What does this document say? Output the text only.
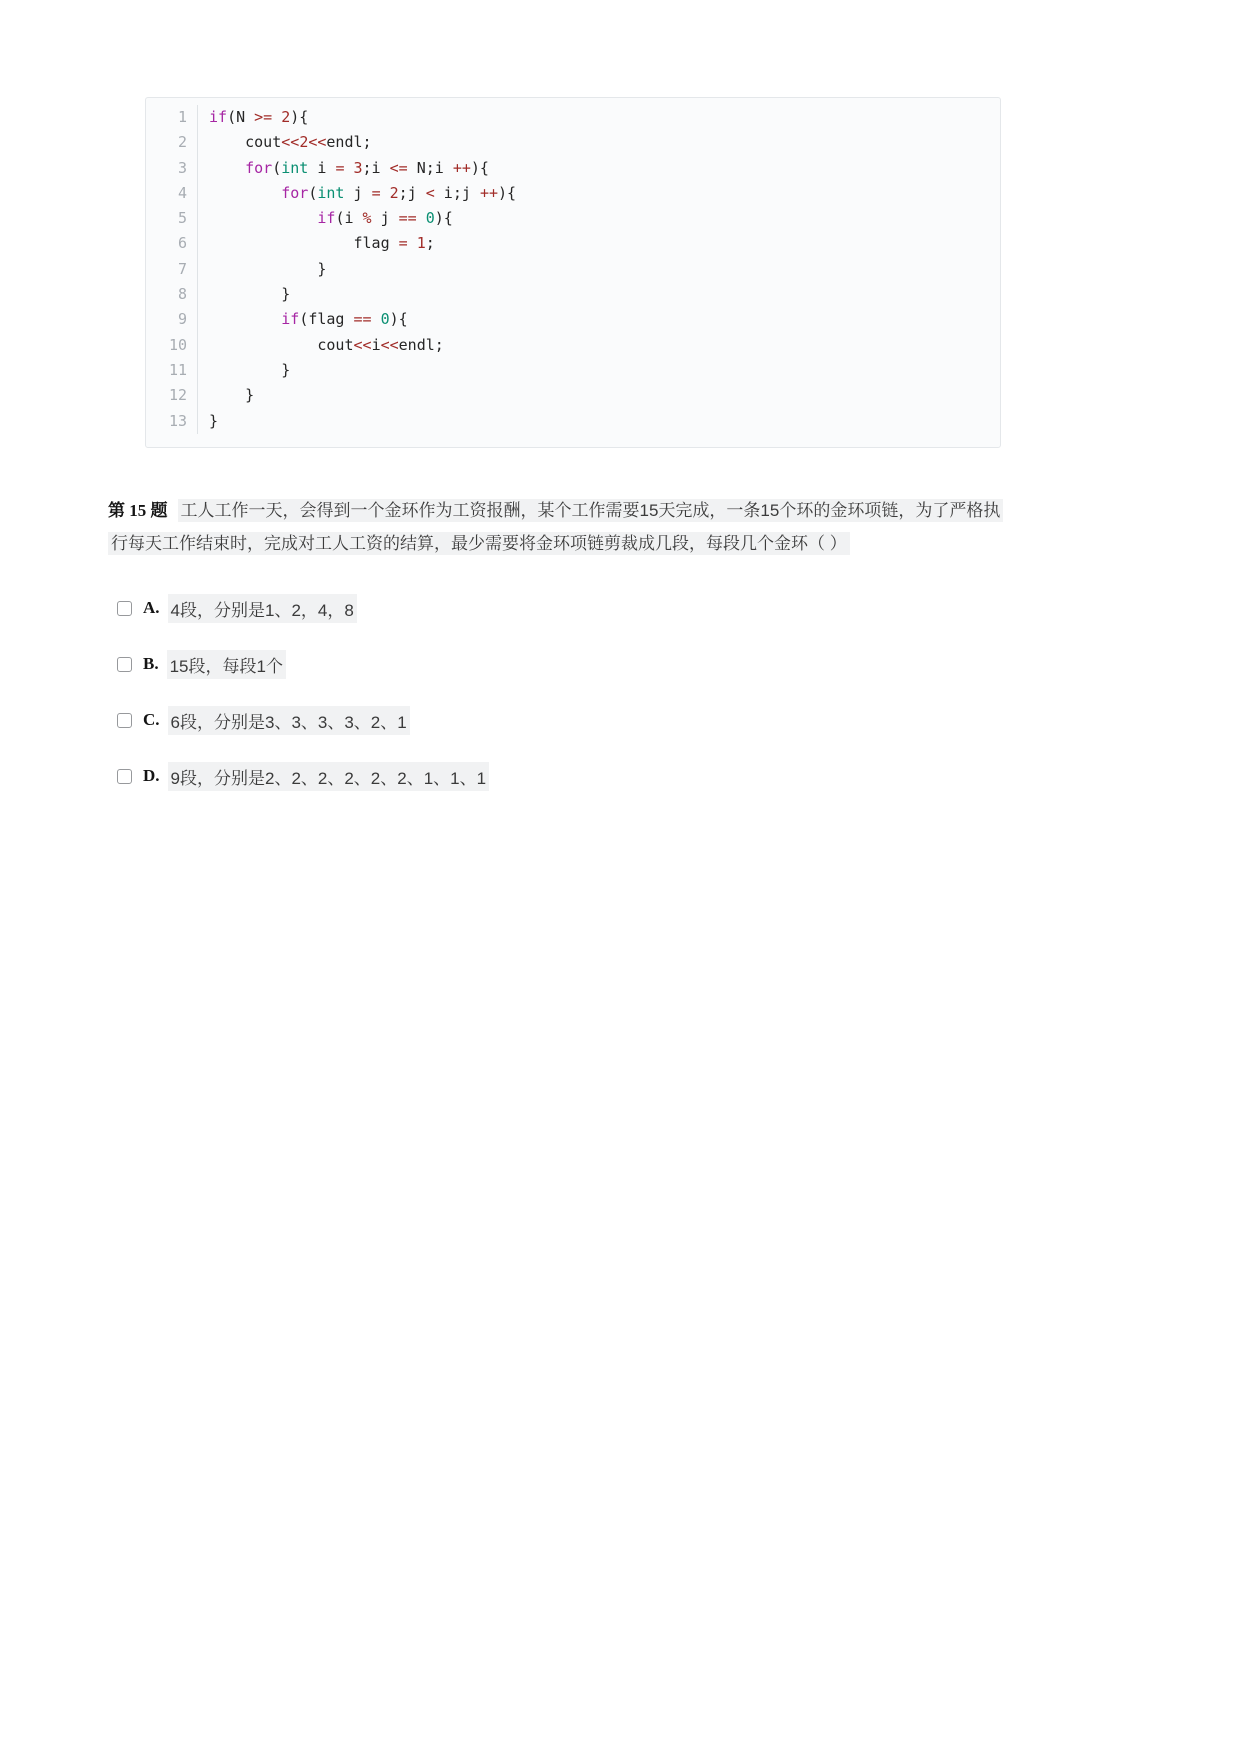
1
2
3
4
5
6
7
8
9
10
11
12
13
if(N >= 2){
cout<<2<<endl;
for(int i = 3;i <= N;i ++){
for(int j = 2;j < i;j ++){
if(i % j == 0){
flag = 1;
}
}
if(flag == 0){
cout<<i<<endl;
}
}
}
第 15 题 工人工作一天，会得到一个金环作为工资报酬，某个工作需要15天完成，一条15个环的金环项链，为了严格执行每天工作结束时，完成对工人工资的结算，最少需要将金环项链剪裁成几段，每段几个金环（ ）
A. 4段，分别是1、2，4，8
B. 15段，每段1个
C. 6段，分别是3、3、3、3、2、1
D. 9段，分别是2、2、2、2、2、2、1、1、1
